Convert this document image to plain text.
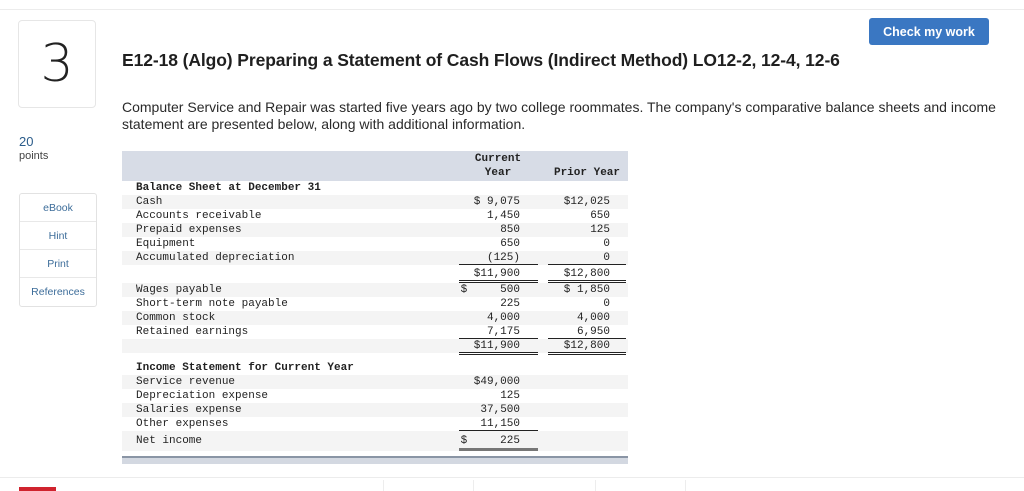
3
20
points
eBook
Hint
Print
References
Check my work
E12-18 (Algo) Preparing a Statement of Cash Flows (Indirect Method) LO12-2, 12-4, 12-6
Computer Service and Repair was started five years ago by two college roommates. The company's comparative balance sheets and income statement are presented below, along with additional information.
Current
Year	Prior Year
Balance Sheet at December 31
Cash	$ 9,075	$12,025
Accounts receivable	1,450	650
Prepaid expenses	850	125
Equipment	650	0
Accumulated depreciation	(125)	0
$11,900	$12,800
Wages payable	$     500	$ 1,850
Short-term note payable	225	0
Common stock	4,000	4,000
Retained earnings	7,175	6,950
$11,900	$12,800
Income Statement for Current Year
Service revenue	$49,000
Depreciation expense	125
Salaries expense	37,500
Other expenses	11,150
Net income	$     225
